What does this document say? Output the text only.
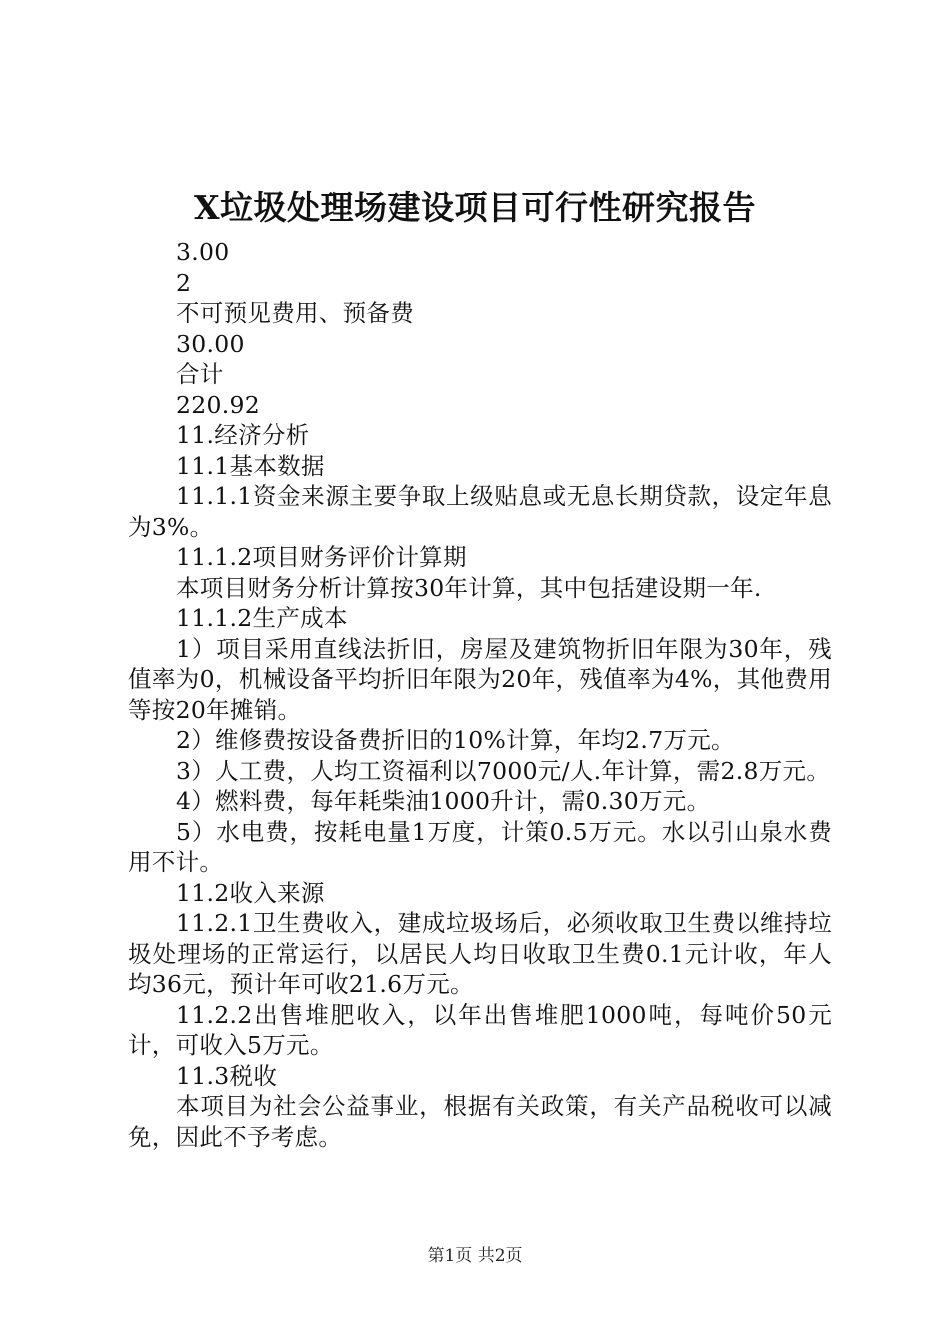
X垃圾处理场建设项目可行性研究报告

3.00

2

不可预见费用、预备费

30.00

合计

220.92

11.经济分析

11.1基本数据

11.1.1资金来源主要争取上级贴息或无息长期贷款，设定年息为3%。

11.1.2项目财务评价计算期

本项目财务分析计算按30年计算，其中包括建设期一年.

11.1.2生产成本

1）项目采用直线法折旧，房屋及建筑物折旧年限为30年，残值率为0，机械设备平均折旧年限为20年，残值率为4%，其他费用等按20年摊销。

2）维修费按设备费折旧的10%计算，年均2.7万元。

3）人工费，人均工资福利以7000元/人.年计算，需2.8万元。

4）燃料费，每年耗柴油1000升计，需0.30万元。

5）水电费，按耗电量1万度，计策0.5万元。水以引山泉水费用不计。

11.2收入来源

11.2.1卫生费收入，建成垃圾场后，必须收取卫生费以维持垃圾处理场的正常运行，以居民人均日收取卫生费0.1元计收，年人均36元，预计年可收21.6万元。

11.2.2出售堆肥收入，以年出售堆肥1000吨，每吨价50元计，可收入5万元。

11.3税收

本项目为社会公益事业，根据有关政策，有关产品税收可以减免，因此不予考虑。

第1页 共2页
